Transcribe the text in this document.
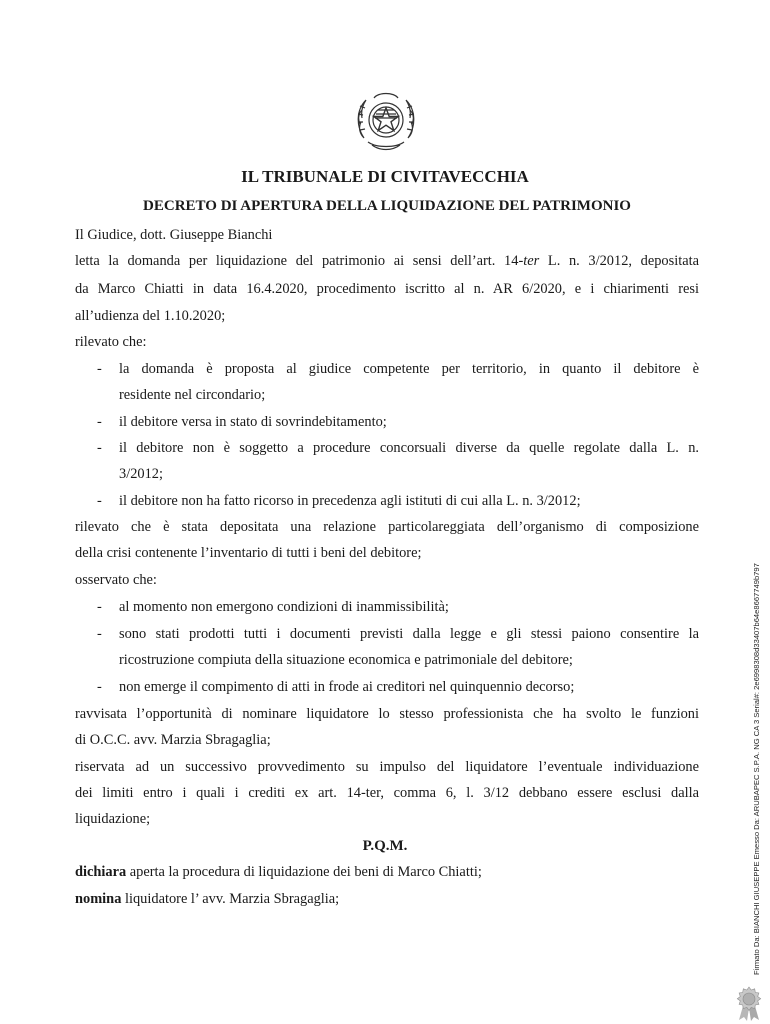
IL TRIBUNALE DI CIVITAVECCHIA
DECRETO DI APERTURA DELLA LIQUIDAZIONE DEL PATRIMONIO
Il Giudice, dott. Giuseppe Bianchi
letta la domanda per liquidazione del patrimonio ai sensi dell’art. 14-ter L. n. 3/2012, depositata
da Marco Chiatti in data 16.4.2020, procedimento iscritto al n. AR 6/2020, e i chiarimenti resi
all’udienza del 1.10.2020;
rilevato che:
- la domanda è proposta al giudice competente per territorio, in quanto il debitore è
residente nel circondario;
- il debitore versa in stato di sovrindebitamento;
- il debitore non è soggetto a procedure concorsuali diverse da quelle regolate dalla L. n.
3/2012;
- il debitore non ha fatto ricorso in precedenza agli istituti di cui alla L. n. 3/2012;
rilevato che è stata depositata una relazione particolareggiata dell’organismo di composizione
della crisi contenente l’inventario di tutti i beni del debitore;
osservato che:
- al momento non emergono condizioni di inammissibilità;
- sono stati prodotti tutti i documenti previsti dalla legge e gli stessi paiono consentire la
ricostruzione compiuta della situazione economica e patrimoniale del debitore;
- non emerge il compimento di atti in frode ai creditori nel quinquennio decorso;
ravvisata l’opportunità di nominare liquidatore lo stesso professionista che ha svolto le funzioni
di O.C.C. avv. Marzia Sbragaglia;
riservata ad un successivo provvedimento su impulso del liquidatore l’eventuale individuazione
dei limiti entro i quali i crediti ex art. 14-ter, comma 6, l. 3/12 debbano essere esclusi dalla
liquidazione;
P.Q.M.
dichiara aperta la procedura di liquidazione dei beni di Marco Chiatti;
nomina liquidatore l’ avv. Marzia Sbragaglia;	Firmato Da: BIANCHI GIUSEPPE Emesso Da: ARUBAPEC S.P.A. NG CA 3 Serial#: 2e6998308d33407b64e8667749b797
